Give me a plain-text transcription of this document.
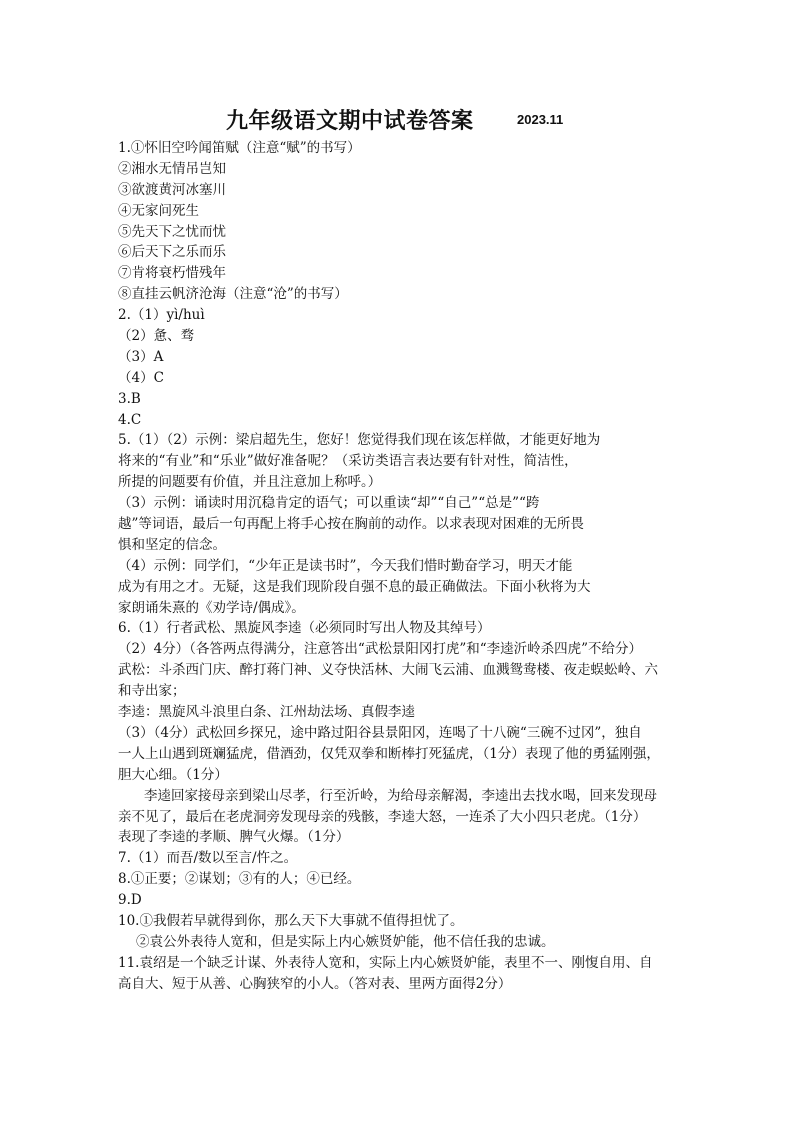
九年级语文期中试卷答案	2023.11
1.①怀旧空吟闻笛赋（注意“赋”的书写）
②湘水无情吊岂知
③欲渡黄河冰塞川
④无家问死生
⑤先天下之忧而忧
⑥后天下之乐而乐
⑦肯将衰朽惜残年
⑧直挂云帆济沧海（注意“沧”的书写）
2.（1）yì/huì
（2）惫、骛
（3）A
（4）C
3.B
4.C
5.（1）（2）示例：梁启超先生，您好！您觉得我们现在该怎样做，才能更好地为
将来的“有业”和“乐业”做好准备呢？（采访类语言表达要有针对性，简洁性，
所提的问题要有价值，并且注意加上称呼。）
（3）示例：诵读时用沉稳肯定的语气；可以重读“却”“自己”“总是”“跨
越”等词语，最后一句再配上将手心按在胸前的动作。以求表现对困难的无所畏
惧和坚定的信念。
（4）示例：同学们，“少年正是读书时”，今天我们惜时勤奋学习，明天才能
成为有用之才。无疑，这是我们现阶段自强不息的最正确做法。下面小秋将为大
家朗诵朱熹的《劝学诗/偶成》。
6.（1）行者武松、黑旋风李逵（必须同时写出人物及其绰号）
（2）4分）（各答两点得满分，注意答出“武松景阳冈打虎”和“李逵沂岭杀四虎”不给分）
武松：斗杀西门庆、醉打蒋门神、义夺快活林、大闹飞云浦、血溅鸳鸯楼、夜走蜈蚣岭、六
和寺出家；
李逵：黑旋风斗浪里白条、江州劫法场、真假李逵
（3）（4分）武松回乡探兄，途中路过阳谷县景阳冈，连喝了十八碗“三碗不过冈”，独自
一人上山遇到斑斓猛虎，借酒劲，仅凭双拳和断棒打死猛虎，（1分）表现了他的勇猛刚强，
胆大心细。（1分）
李逵回家接母亲到梁山尽孝，行至沂岭，为给母亲解渴，李逵出去找水喝，回来发现母
亲不见了，最后在老虎洞旁发现母亲的残骸，李逵大怒，一连杀了大小四只老虎。（1分）
表现了李逵的孝顺、脾气火爆。（1分）
7.（1）而吾/数以至言/忤之。
8.①正要；②谋划；③有的人；④已经。
9.D
10.①我假若早就得到你，那么天下大事就不值得担忧了。
②袁公外表待人宽和，但是实际上内心嫉贤妒能，他不信任我的忠诚。
11.袁绍是一个缺乏计谋、外表待人宽和，实际上内心嫉贤妒能，表里不一、刚愎自用、自
高自大、短于从善、心胸狭窄的小人。（答对表、里两方面得2分）
